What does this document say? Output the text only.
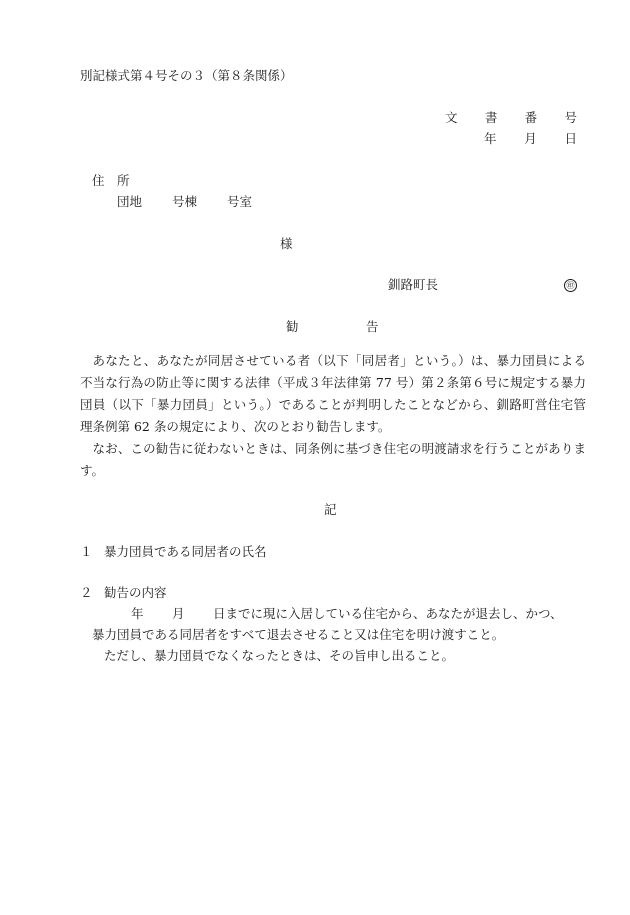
別記様式第４号その３（第８条関係）

文 書 番 号
年 月 日

住　所

団地 号棟 号室

様

釧路町長	㊞

勧	告

あなたと、あなたが同居させている者（以下「同居者」という。）は、暴力団員による不当な行為の防止等に関する法律（平成３年法律第 77 号）第２条第６号に規定する暴力団員（以下「暴力団員」という。）であることが判明したことなどから、釧路町営住宅管理条例第 62 条の規定により、次のとおり勧告します。

なお、この勧告に従わないときは、同条例に基づき住宅の明渡請求を行うことがあります。

記

１ 暴力団員である同居者の氏名

２ 勧告の内容

年 月 日までに現に入居している住宅から、あなたが退去し、かつ、

暴力団員である同居者をすべて退去させること又は住宅を明け渡すこと。

ただし、暴力団員でなくなったときは、その旨申し出ること。
